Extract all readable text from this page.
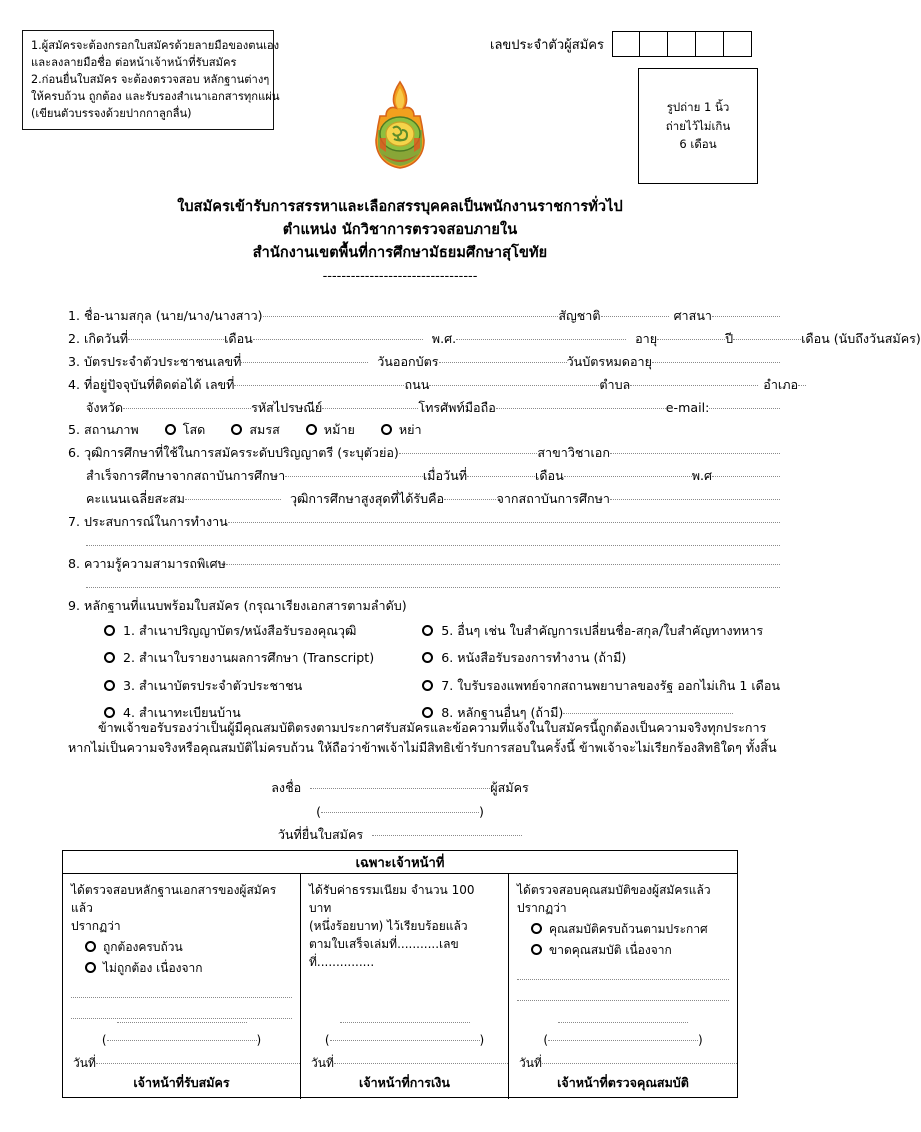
1.ผู้สมัครจะต้องกรอกใบสมัครด้วยลายมือของตนเอง
และลงลายมือชื่อ ต่อหน้าเจ้าหน้าที่รับสมัคร
2.ก่อนยื่นใบสมัคร จะต้องตรวจสอบ หลักฐานต่างๆ
ให้ครบถ้วน ถูกต้อง และรับรองสำเนาเอกสารทุกแผ่น
(เขียนตัวบรรจงด้วยปากกาลูกลื่น)
เลขประจำตัวผู้สมัคร
รูปถ่าย 1 นิ้ว
ถ่ายไว้ไม่เกิน
6 เดือน
ใบสมัครเข้ารับการสรรหาและเลือกสรรบุคคลเป็นพนักงานราชการทั่วไป
ตำแหน่ง นักวิชาการตรวจสอบภายใน
สำนักงานเขตพื้นที่การศึกษามัธยมศึกษาสุโขทัย
---------------------------------
1. ชื่อ-นามสกุล (นาย/นาง/นางสาว)	สัญชาติ	ศาสนา
2. เกิดวันที่	เดือน	พ.ศ.	อายุ	ปี	เดือน (นับถึงวันสมัคร)
3. บัตรประจำตัวประชาชนเลขที่	วันออกบัตร	วันบัตรหมดอายุ
4. ที่อยู่ปัจจุบันที่ติดต่อได้ เลขที่	ถนน	ตำบล	อำเภอ
จังหวัด	รหัสไปรษณีย์	โทรศัพท์มือถือ	e-mail:
5. สถานภาพ	โสด	สมรส	หม้าย	หย่า
6. วุฒิการศึกษาที่ใช้ในการสมัครระดับปริญญาตรี (ระบุตัวย่อ)	สาขาวิชาเอก
สำเร็จการศึกษาจากสถาบันการศึกษา	เมื่อวันที่	เดือน	พ.ศ
คะแนนเฉลี่ยสะสม	วุฒิการศึกษาสูงสุดที่ได้รับคือ	จากสถาบันการศึกษา
7. ประสบการณ์ในการทำงาน
8. ความรู้ความสามารถพิเศษ
9. หลักฐานที่แนบพร้อมใบสมัคร (กรุณาเรียงเอกสารตามลำดับ)
1. สำเนาปริญญาบัตร/หนังสือรับรองคุณวุฒิ
2. สำเนาใบรายงานผลการศึกษา (Transcript)
3. สำเนาบัตรประจำตัวประชาชน
4. สำเนาทะเบียนบ้าน
5. อื่นๆ เช่น ใบสำคัญการเปลี่ยนชื่อ-สกุล/ใบสำคัญทางทหาร
6. หนังสือรับรองการทำงาน (ถ้ามี)
7. ใบรับรองแพทย์จากสถานพยาบาลของรัฐ ออกไม่เกิน 1 เดือน
8. หลักฐานอื่นๆ (ถ้ามี)
ข้าพเจ้าขอรับรองว่าเป็นผู้มีคุณสมบัติตรงตามประกาศรับสมัครและข้อความที่แจ้งในใบสมัครนี้ถูกต้องเป็นความจริงทุกประการ
หากไม่เป็นความจริงหรือคุณสมบัติไม่ครบถ้วน ให้ถือว่าข้าพเจ้าไม่มีสิทธิเข้ารับการสอบในครั้งนี้ ข้าพเจ้าจะไม่เรียกร้องสิทธิใดๆ ทั้งสิ้น
ลงชื่อ	ผู้สมัคร
(	)
วันที่ยื่นใบสมัคร
เฉพาะเจ้าหน้าที่
ได้ตรวจสอบหลักฐานเอกสารของผู้สมัครแล้ว
ปรากฏว่า
ถูกต้องครบถ้วน
ไม่ถูกต้อง เนื่องจาก
(	)
วันที่
เจ้าหน้าที่รับสมัคร
ได้รับค่าธรรมเนียม จำนวน 100 บาท
(หนึ่งร้อยบาท) ไว้เรียบร้อยแล้ว
ตามใบเสร็จเล่มที่...........เลขที่...............
(	)
วันที่
เจ้าหน้าที่การเงิน
ได้ตรวจสอบคุณสมบัติของผู้สมัครแล้ว
ปรากฏว่า
คุณสมบัติครบถ้วนตามประกาศ
ขาดคุณสมบัติ เนื่องจาก
(	)
วันที่
เจ้าหน้าที่ตรวจคุณสมบัติ
